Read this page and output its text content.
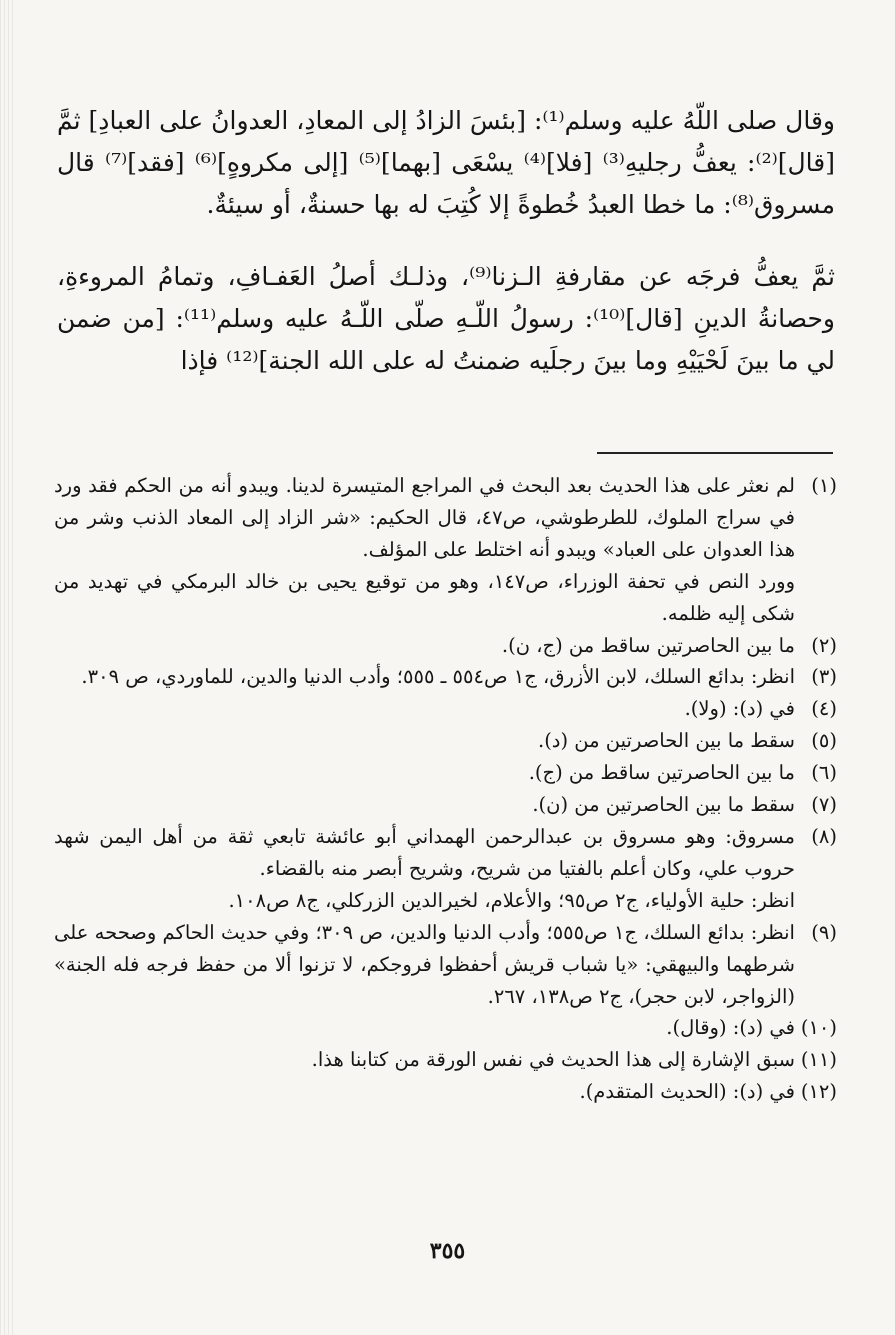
وقال صلى اللّهُ عليه وسلم⁽¹⁾: [بئسَ الزادُ إلى المعادِ، العدوانُ على العبادِ] ثمَّ [قال]⁽²⁾: يعفُّ رجليهِ⁽³⁾ [فلا]⁽⁴⁾ يسْعَى [بهما]⁽⁵⁾ [إلى مكروهٍ]⁽⁶⁾ [فقد]⁽⁷⁾ قال مسروق⁽⁸⁾: ما خطا العبدُ خُطوةً إلا كُتِبَ له بها حسنةٌ، أو سيئةٌ.

ثمَّ يعفُّ فرجَه عن مقارفةِ الـزنا⁽⁹⁾، وذلـك أصلُ العَفـافِ، وتمامُ المروءةِ، وحصانةُ الدينِ [قال]⁽¹⁰⁾: رسولُ اللّـهِ صلّى اللّـهُ عليه وسلم⁽¹¹⁾: [من ضمن لي ما بينَ لَحْيَيْهِ وما بينَ رجلَيه ضمنتُ له على الله الجنة]⁽¹²⁾ فإذا

(١)

لم نعثر على هذا الحديث بعد البحث في المراجع المتيسرة لدينا. ويبدو أنه من الحكم فقد ورد في سراج الملوك، للطرطوشي، ص٤٧، قال الحكيم: «شر الزاد إلى المعاد الذنب وشر من هذا العدوان على العباد» ويبدو أنه اختلط على المؤلف.

وورد النص في تحفة الوزراء، ص١٤٧، وهو من توقيع يحيى بن خالد البرمكي في تهديد من شكى إليه ظلمه.

(٢)

ما بين الحاصرتين ساقط من (ج، ن).

(٣)

انظر: بدائع السلك، لابن الأزرق، ج١ ص٥٥٤ ـ ٥٥٥؛ وأدب الدنيا والدين، للماوردي، ص ٣٠٩.

(٤)

في (د): (ولا).

(٥)

سقط ما بين الحاصرتين من (د).

(٦)

ما بين الحاصرتين ساقط من (ج).

(٧)

سقط ما بين الحاصرتين من (ن).

(٨)

مسروق: وهو مسروق بن عبدالرحمن الهمداني أبو عائشة تابعي ثقة من أهل اليمن شهد حروب علي، وكان أعلم بالفتيا من شريح، وشريح أبصر منه بالقضاء.

انظر: حلية الأولياء، ج٢ ص٩٥؛ والأعلام، لخيرالدين الزركلي، ج٨ ص١٠٨.

(٩)

انظر: بدائع السلك، ج١ ص٥٥٥؛ وأدب الدنيا والدين، ص ٣٠٩؛ وفي حديث الحاكم وصححه على شرطهما والبيهقي: «يا شباب قريش أحفظوا فروجكم، لا تزنوا ألا من حفظ فرجه فله الجنة» (الزواجر، لابن حجر)، ج٢ ص١٣٨، ٢٦٧.

(١٠)

في (د): (وقال).

(١١)

سبق الإشارة إلى هذا الحديث في نفس الورقة من كتابنا هذا.

(١٢)

في (د): (الحديث المتقدم).

٣٥٥
